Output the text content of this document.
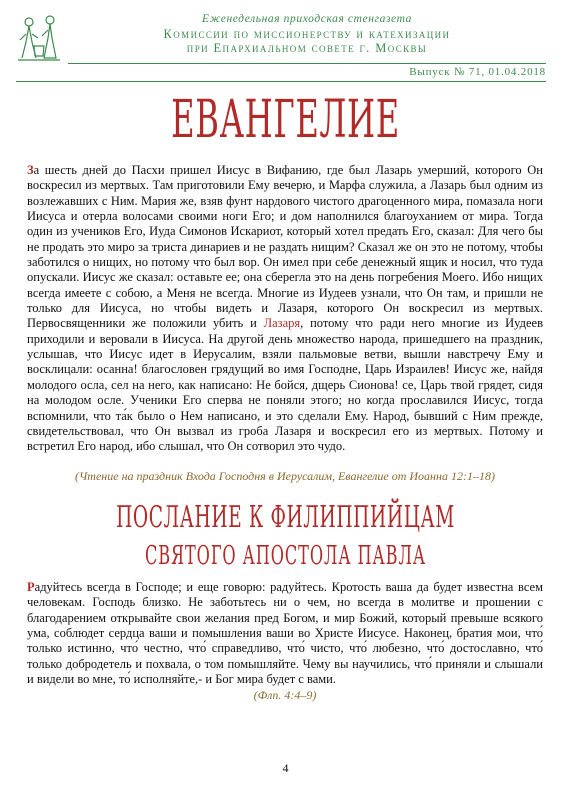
Еженедельная приходская стенгазета
Комиссии по миссионерству и катехизации
при Епархиальном совете г. Москвы
Выпуск № 71, 01.04.2018
ЕВАНГЕЛИЕ
За шесть дней до Пасхи пришел Иисус в Вифанию, где был Лазарь умерший, которого Он воскресил из мертвых. Там приготовили Ему вечерю, и Марфа служила, а Лазарь был одним из возлежавших с Ним. Мария же, взяв фунт нардового чистого драгоценного мира, помазала ноги Иисуса и отерла волосами своими ноги Его; и дом наполнился благоуханием от мира. Тогда один из учеников Его, Иуда Симонов Искариот, который хотел предать Его, сказал: Для чего бы не продать это миро за триста динариев и не раздать нищим? Сказал же он это не потому, чтобы заботился о нищих, но потому что был вор. Он имел при себе денежный ящик и носил, что туда опускали. Иисус же сказал: оставьте ее; она сберегла это на день погребения Моего. Ибо нищих всегда имеете с собою, а Меня не всегда. Многие из Иудеев узнали, что Он там, и пришли не только для Иисуса, но чтобы видеть и Лазаря, которого Он воскресил из мертвых. Первосвященники же положили убить и Лазаря, потому что ради него многие из Иудеев приходили и веровали в Иисуса. На другой день множество народа, пришедшего на праздник, услышав, что Иисус идет в Иерусалим, взяли пальмовые ветви, вышли навстречу Ему и восклицали: осанна! благословен грядущий во имя Господне, Царь Израилев! Иисус же, найдя молодого осла, сел на него, как написано: Не бойся, дщерь Сионова! се, Царь твой грядет, сидя на молодом осле. Ученики Его сперва не поняли этого; но когда прославился Иисус, тогда вспомнили, что та́к было о Нем написано, и это сделали Ему. Народ, бывший с Ним прежде, свидетельствовал, что Он вызвал из гроба Лазаря и воскресил его из мертвых. Потому и встретил Его народ, ибо слышал, что Он сотворил это чудо.
(Чтение на праздник Входа Господня в Иерусалим, Евангелие от Иоанна 12:1–18)
ПОСЛАНИЕ К ФИЛИППИЙЦАМ
СВЯТОГО АПОСТОЛА ПАВЛА
Радуйтесь всегда в Господе; и еще говорю: радуйтесь. Кротость ваша да будет известна всем человекам. Господь близко. Не заботьтесь ни о чем, но всегда в молитве и прошении с благодарением открывайте свои желания пред Богом, и мир Божий, который превыше всякого ума, соблюдет сердца ваши и помышления ваши во Христе Иисусе. Наконец, братия мои, что́ только истинно, что́ честно, что́ справедливо, что́ чисто, что́ любезно, что́ достославно, что́ только добродетель и похвала, о том помышляйте. Чему вы научились, что́ приняли и слышали и видели во мне, то́ исполняйте,- и Бог мира будет с вами.
(Флп. 4:4–9)
4
